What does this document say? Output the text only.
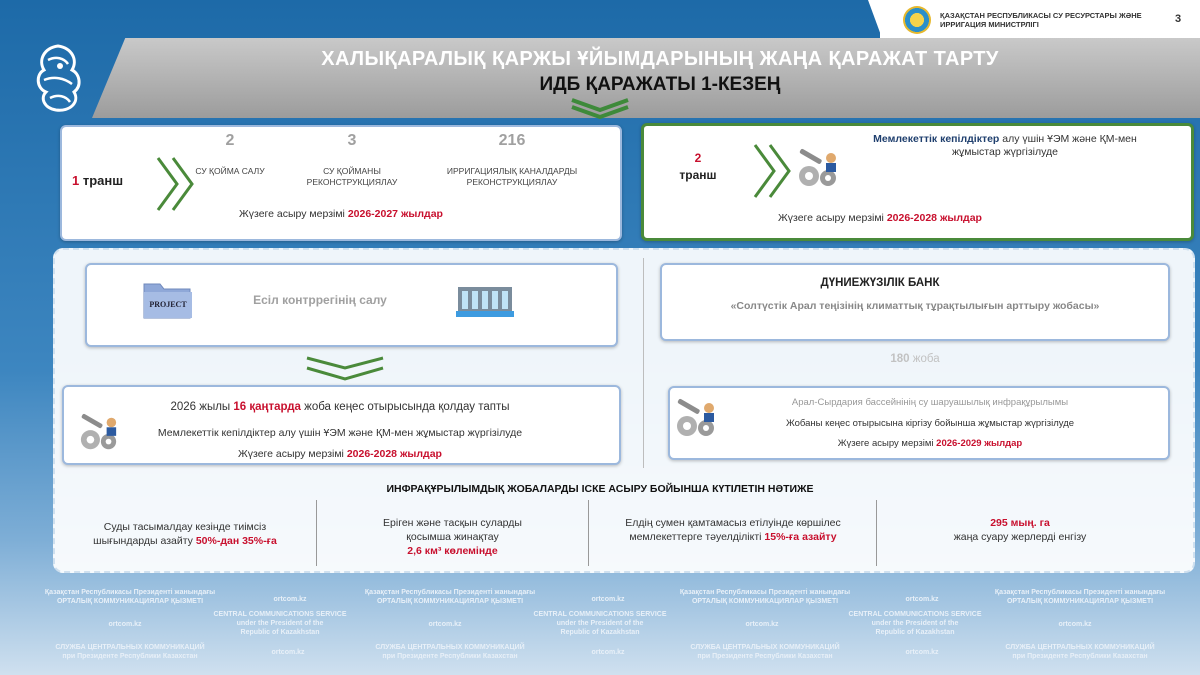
ҚАЗАҚСТАН РЕСПУБЛИКАСЫ СУ РЕСУРСТАРЫ ЖӘНЕ ИРРИГАЦИЯ МИНИСТРЛІГІ	3
ХАЛЫҚАРАЛЫҚ ҚАРЖЫ ҰЙЫМДАРЫНЫҢ ЖАҢА ҚАРАЖАТ ТАРТУ
ИДБ ҚАРАЖАТЫ 1-КЕЗЕҢ
1 транш
2
СУ ҚОЙМА САЛУ
3
СУ ҚОЙМАНЫ РЕКОНСТРУКЦИЯЛАУ
216
ИРРИГАЦИЯЛЫҚ КАНАЛДАРДЫ РЕКОНСТРУКЦИЯЛАУ
Жүзеге асыру мерзімі 2026-2027 жылдар
2
транш
Мемлекеттік кепілдіктер алу үшін ҰЭМ және ҚМ-мен жұмыстар жүргізілуде
Жүзеге асыру мерзімі 2026-2028 жылдар
PROJECT	Есіл контррегінің салу
2026 жылы 16 қаңтарда жоба кеңес отырысында қолдау тапты
Мемлекеттік кепілдіктер алу үшін ҰЭМ және ҚМ-мен жұмыстар жүргізілуде
Жүзеге асыру мерзімі 2026-2028 жылдар
ДҮНИЕЖҮЗІЛІК БАНК
«Солтүстік Арал теңізінің климаттық тұрақтылығын арттыру жобасы»
180 жоба
Арал-Сырдария бассейнінің су шаруашылық инфрақұрылымы
Жобаны кеңес отырысына кіргізу бойынша жұмыстар жүргізілуде
Жүзеге асыру мерзімі 2026-2029 жылдар
ИНФРАҚҰРЫЛЫМДЫҚ ЖОБАЛАРДЫ ІСКЕ АСЫРУ БОЙЫНША КҮТІЛЕТІН НӘТИЖЕ
Суды тасымалдау кезінде тиімсіз
шығындарды азайту 50%-дан 35%-ға
Еріген және тасқын суларды
қосымша жинақтау
2,6 км³ көлемінде
Елдің сумен қамтамасыз етілуінде көршілес
мемлекеттерге тәуелділікті 15%-ға азайту
295 мың. га
жаңа суару жерлерді енгізу
Қазақстан Республикасы Президенті жанындағы
ОРТАЛЫҚ КОММУНИКАЦИЯЛАР ҚЫЗМЕТІ	ortcom.kz
Қазақстан Республикасы Президенті жанындағы
ОРТАЛЫҚ КОММУНИКАЦИЯЛАР ҚЫЗМЕТІ	ortcom.kz
Қазақстан Республикасы Президенті жанындағы
ОРТАЛЫҚ КОММУНИКАЦИЯЛАР ҚЫЗМЕТІ	ortcom.kz
Қазақстан Республикасы Президенті жанындағы
ОРТАЛЫҚ КОММУНИКАЦИЯЛАР ҚЫЗМЕТІ
ortcom.kz
CENTRAL COMMUNICATIONS SERVICE
under the President of the
Republic of Kazakhstan
ortcom.kz
CENTRAL COMMUNICATIONS SERVICE
under the President of the
Republic of Kazakhstan
ortcom.kz
CENTRAL COMMUNICATIONS SERVICE
under the President of the
Republic of Kazakhstan
ortcom.kz
СЛУЖБА ЦЕНТРАЛЬНЫХ КОММУНИКАЦИЙ
при Президенте Республики Казахстан
ortcom.kz
СЛУЖБА ЦЕНТРАЛЬНЫХ КОММУНИКАЦИЙ
при Президенте Республики Казахстан
ortcom.kz
СЛУЖБА ЦЕНТРАЛЬНЫХ КОММУНИКАЦИЙ
при Президенте Республики Казахстан
ortcom.kz
СЛУЖБА ЦЕНТРАЛЬНЫХ КОММУНИКАЦИЙ
при Президенте Республики Казахстан
